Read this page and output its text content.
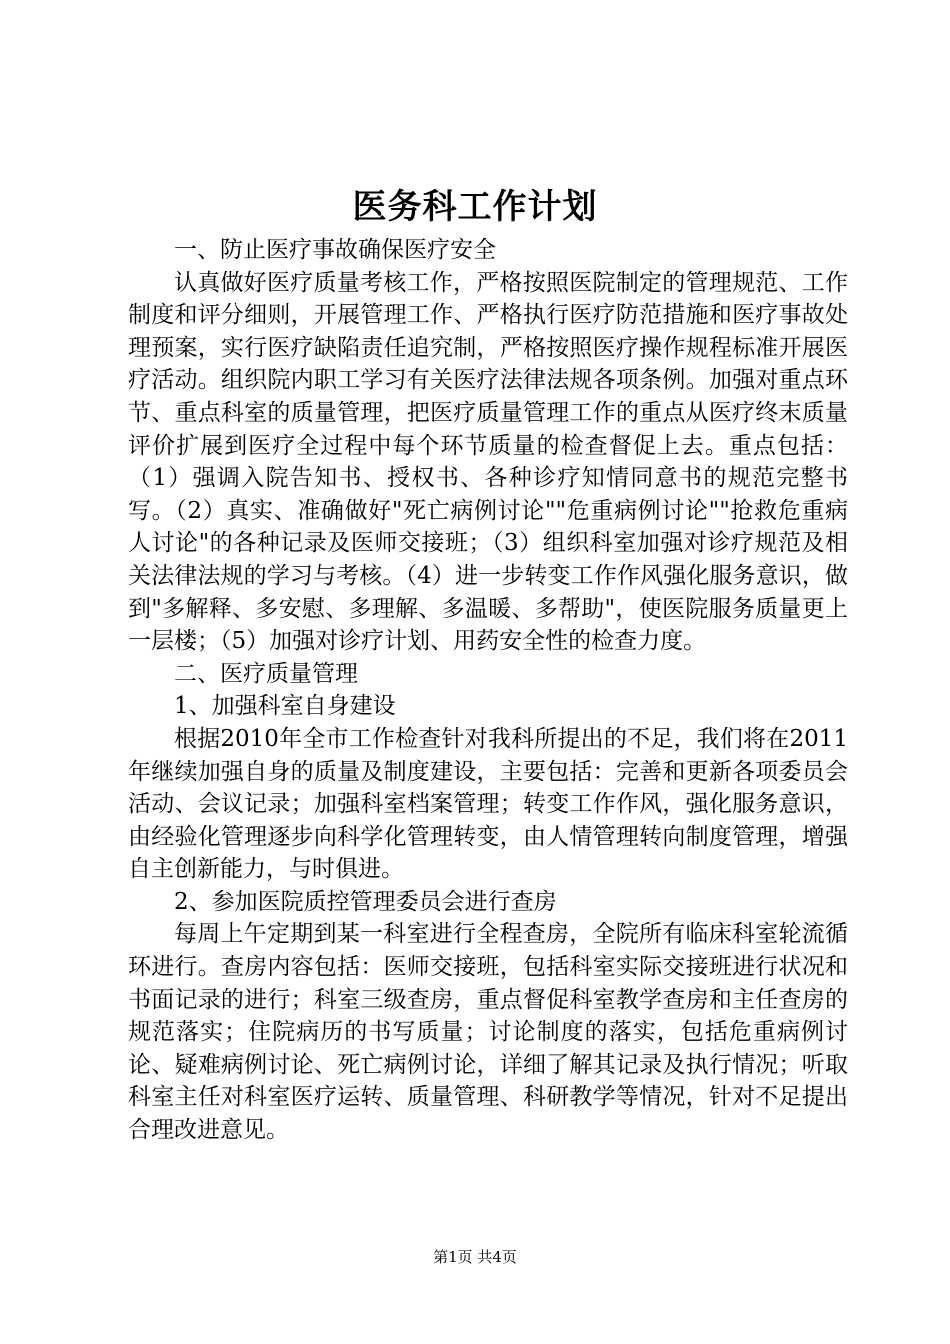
医务科工作计划

一、防止医疗事故确保医疗安全

认真做好医疗质量考核工作，严格按照医院制定的管理规范、工作制度和评分细则，开展管理工作、严格执行医疗防范措施和医疗事故处理预案，实行医疗缺陷责任追究制，严格按照医疗操作规程标准开展医疗活动。组织院内职工学习有关医疗法律法规各项条例。加强对重点环节、重点科室的质量管理，把医疗质量管理工作的重点从医疗终末质量评价扩展到医疗全过程中每个环节质量的检查督促上去。重点包括：（1）强调入院告知书、授权书、各种诊疗知情同意书的规范完整书写。（2）真实、准确做好"死亡病例讨论""危重病例讨论""抢救危重病人讨论"的各种记录及医师交接班；（3）组织科室加强对诊疗规范及相关法律法规的学习与考核。（4）进一步转变工作作风强化服务意识，做到"多解释、多安慰、多理解、多温暖、多帮助"，使医院服务质量更上一层楼；（5）加强对诊疗计划、用药安全性的检查力度。

二、医疗质量管理

1、加强科室自身建设

根据2010年全市工作检查针对我科所提出的不足，我们将在2011年继续加强自身的质量及制度建设，主要包括：完善和更新各项委员会活动、会议记录；加强科室档案管理；转变工作作风，强化服务意识，由经验化管理逐步向科学化管理转变，由人情管理转向制度管理，增强自主创新能力，与时俱进。

2、参加医院质控管理委员会进行查房

每周上午定期到某一科室进行全程查房，全院所有临床科室轮流循环进行。查房内容包括：医师交接班，包括科室实际交接班进行状况和书面记录的进行；科室三级查房，重点督促科室教学查房和主任查房的规范落实；住院病历的书写质量；讨论制度的落实，包括危重病例讨论、疑难病例讨论、死亡病例讨论，详细了解其记录及执行情况；听取科室主任对科室医疗运转、质量管理、科研教学等情况，针对不足提出合理改进意见。

第1页 共4页
